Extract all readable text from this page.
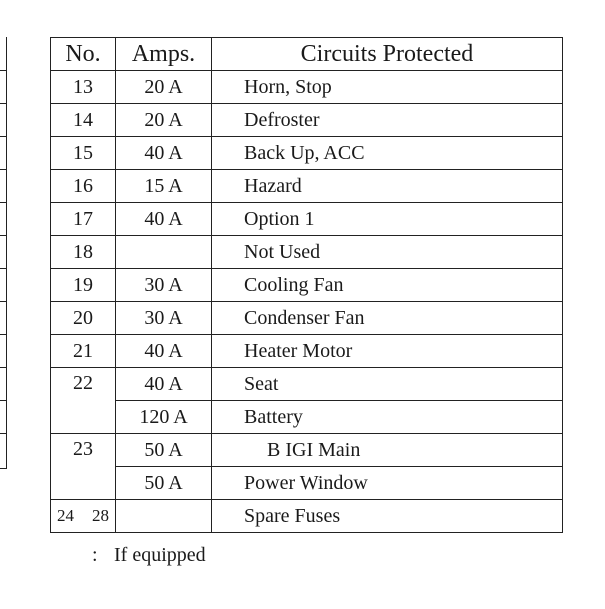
No.	Amps.	Circuits Protected
13	20 A	Horn, Stop
14	20 A	Defroster
15	40 A	Back Up, ACC
16	15 A	Hazard
17	40 A	Option 1
18		Not Used
19	30 A	Cooling Fan
20	30 A	Condenser Fan
21	40 A	Heater Motor
22	40 A	Seat
	120 A	Battery
23	50 A	B IGI Main
	50 A	Power Window
24 28		Spare Fuses
: If equipped
